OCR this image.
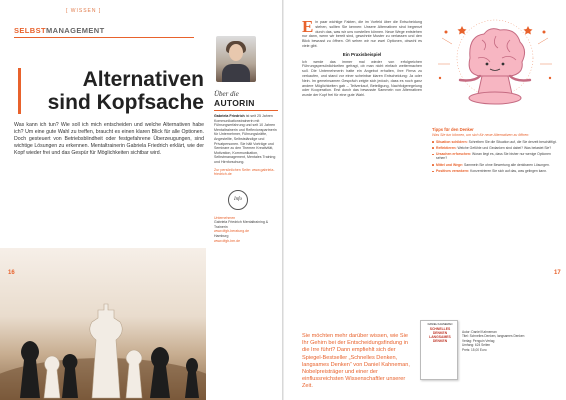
[ WISSEN ]
SELBSTMANAGEMENT
Alternativen
sind Kopfsache
Was kann ich tun? Wie soll ich mich entscheiden und welche Alternativen habe ich? Um eine gute Wahl zu treffen, braucht es einen klaren Blick für alle Optionen. Doch gesteuert von Betriebsblindheit oder festgefahrene Überzeugungen, sind wichtige Lösungen zu erkennen. Mentaltrainerin Gabriela Friedrich erklärt, wie der Kopf wieder frei und das Gespür für Möglichkeiten sichtbar wird.
16
Über die
AUTORIN
Gabriela Friedrich ist seit 25 Jahren Kommunikationstrainerin mit Führungserfahrung und seit 10 Jahren Mentaltrainerin und Reflexionspartnerin für Unternehmer, Führungskräfte, Angestellte, Selbstständige und Privatpersonen. Sie hält Vorträge und Seminare zu den Themen Kreativität, Motivation, Kommunikation, Selbstmanagement, Mentales Training und Hirnforschung.
Zur persönlichen Seite: www.gabriela-friedrich.de
Info
Unternehmen
Gabriela Friedrich Mentaltraining & Trainerin
www.dfgb-beratung.de
Hamburg
www.dfgb-bm.de

Ein paar wichtige Fakten, die im Vorfeld über die Entscheidung stehen, sollten Sie kennen: Unsere Alternativen sind begrenzt durch das, was wir uns vorstellen können. Neue Wege entstehen nur dann, wenn wir bereit sind, gewohnte Muster zu verlassen und den Blick bewusst zu öffnen. Oft sehen wir nur zwei Optionen, obwohl es viele gibt.

Ein Praxisbeispiel

Ich werde das immer mal wieder von erfolgreichen Führungspersönlichkeiten gefragt, ob man nicht einfach weitermachen soll. Die Unternehmerin hatte ein Angebot erhalten, ihre Firma zu verkaufen, und stand vor einer scheinbar klaren Entscheidung: Ja oder Nein. Im gemeinsamen Gespräch zeigte sich jedoch, dass es noch ganz andere Möglichkeiten gab – Teilverkauf, Beteiligung, Nachfolgeregelung oder Kooperation. Erst durch das bewusste Sammeln von Alternativen wurde der Kopf frei für eine gute Wahl.

Tipps für den Denker
Was Sie tun können, um sich für neue Alternativen zu öffnen:
Situation schildern: Schreiben Sie die Situation auf, die Sie derzeit beschäftigt.
Reflektieren: Welche Gefühle und Gedanken sind dabei? Was belastet Sie?
Ursachen erforschen: Woran liegt es, dass Sie bisher nur wenige Optionen sehen?
Mittel und Wege: Sammeln Sie ohne Bewertung alle denkbaren Lösungen.
Positives verankern: Konzentrieren Sie sich auf das, was gelingen kann.
Sie möchten mehr darüber wissen, wie Sie Ihr Gehirn bei der Entscheidungsfindung in die Irre führt? Dann empfiehlt sich der Spiegel-Bestseller „Schnelles Denken, langsames Denken“ von Daniel Kahneman, Nobelpreisträger und einer der einflussreichsten Wissenschaftler unserer Zeit.
DANIEL KAHNEMAN
SCHNELLES DENKEN LANGSAMES DENKEN
Autor: Daniel Kahneman
Titel: Schnelles Denken, langsames Denken
Verlag: Penguin Verlag
Umfang: 624 Seiten
Preis: 15,00 Euro
17
